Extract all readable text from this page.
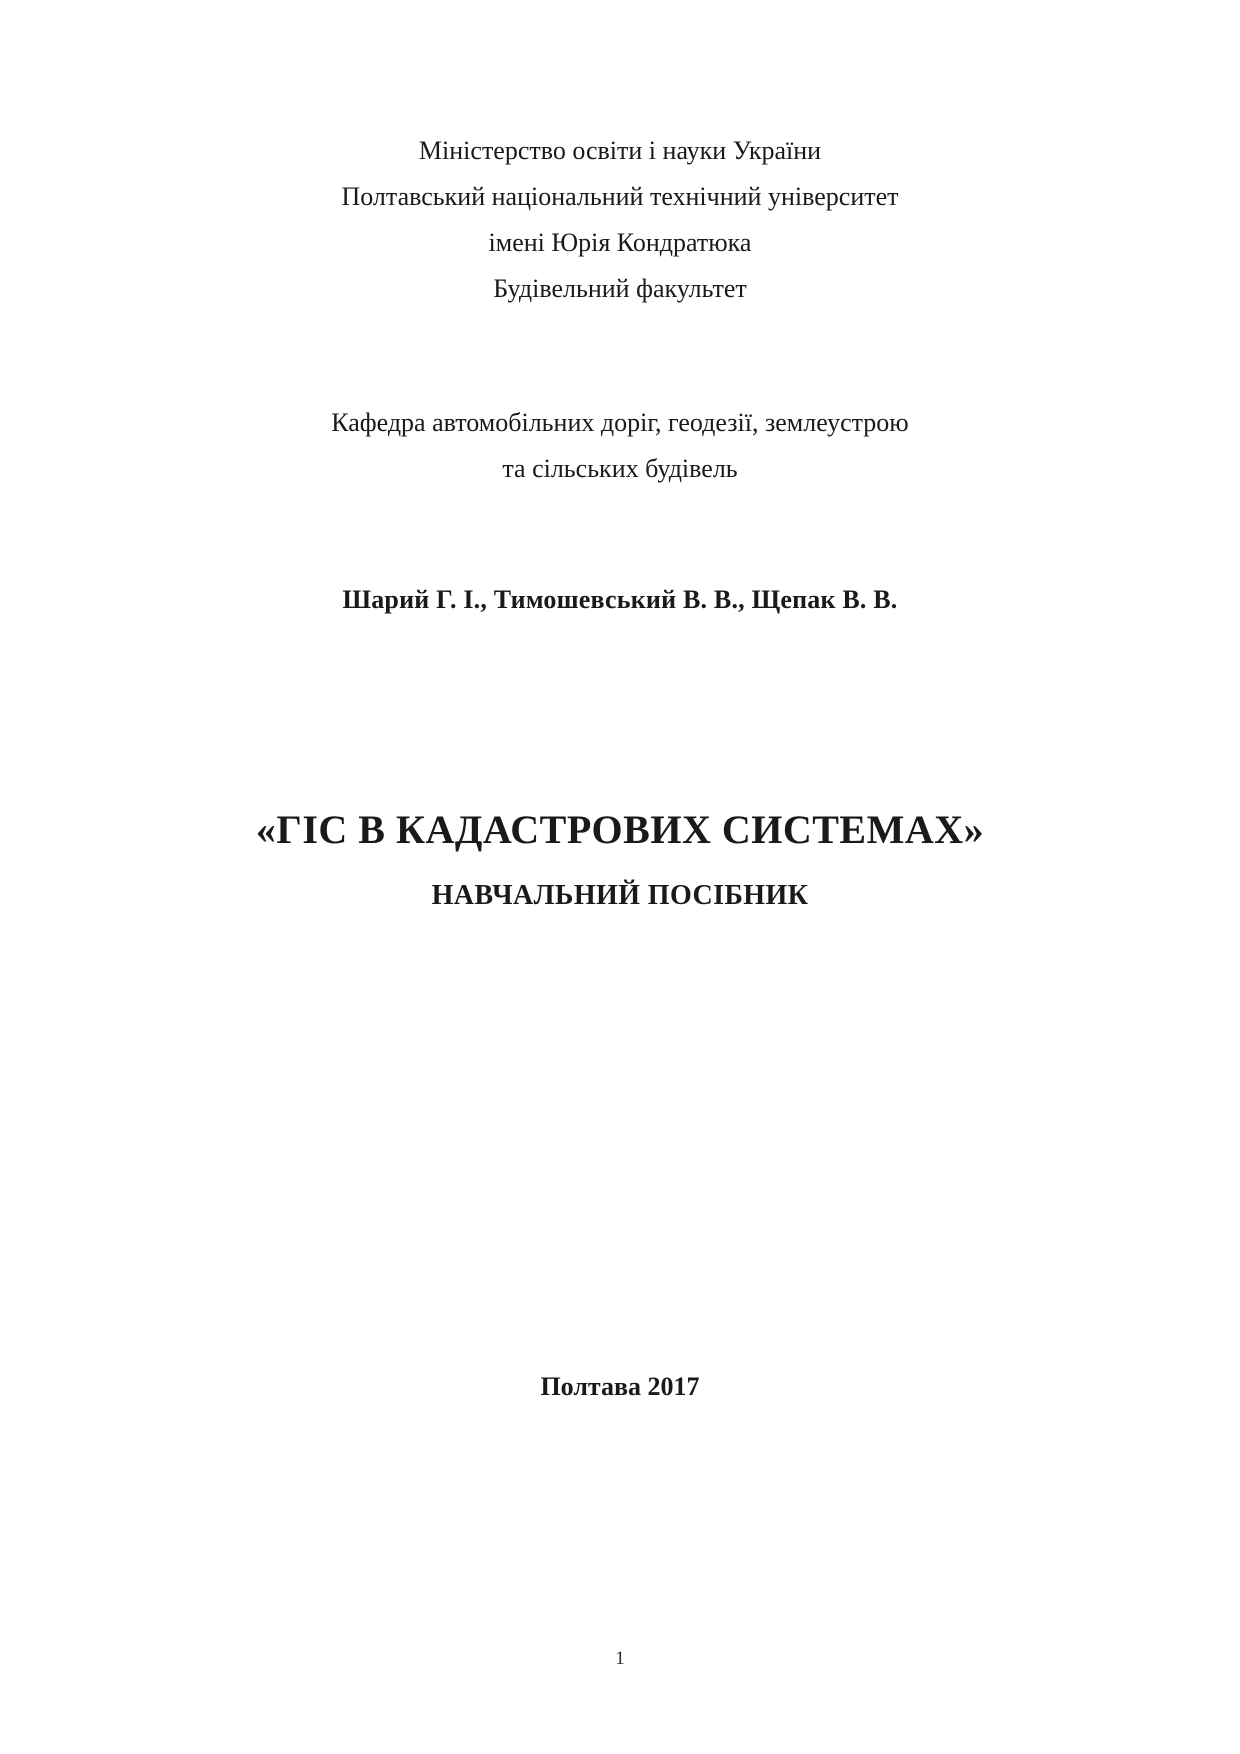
Міністерство освіти і науки України
Полтавський національний технічний університет
імені Юрія Кондратюка
Будівельний факультет
Кафедра автомобільних доріг, геодезії, землеустрою
та сільських будівель
Шарий Г. І., Тимошевський В. В., Щепак В. В.
«ГІС В КАДАСТРОВИХ СИСТЕМАХ»
НАВЧАЛЬНИЙ ПОСІБНИК
Полтава 2017
1
